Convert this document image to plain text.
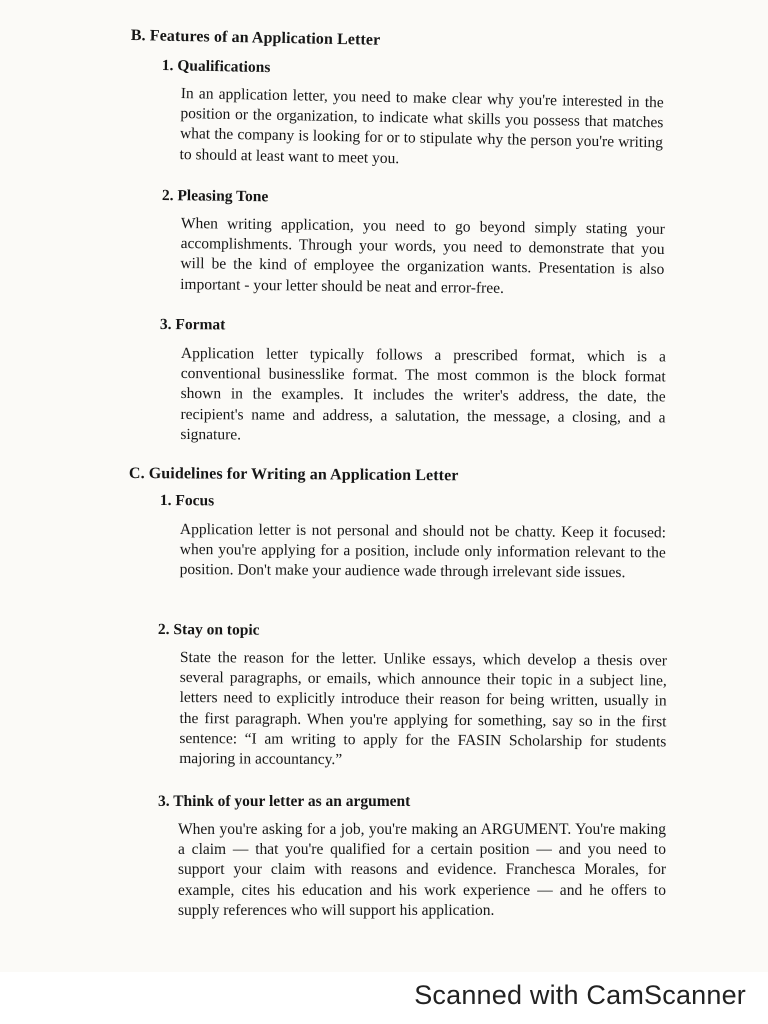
B. Features of an Application Letter
1. Qualifications

In an application letter, you need to make clear why you're interested in the position or the organization, to indicate what skills you possess that matches what the company is looking for or to stipulate why the person you're writing to should at least want to meet you.

2. Pleasing Tone

When writing application, you need to go beyond simply stating your accomplishments. Through your words, you need to demonstrate that you will be the kind of employee the organization wants. Presentation is also important - your letter should be neat and error-free.

3. Format

Application letter typically follows a prescribed format, which is a conventional businesslike format. The most common is the block format shown in the examples. It includes the writer's address, the date, the recipient's name and address, a salutation, the message, a closing, and a signature.

C. Guidelines for Writing an Application Letter
1. Focus

Application letter is not personal and should not be chatty. Keep it focused: when you're applying for a position, include only information relevant to the position. Don't make your audience wade through irrelevant side issues.

2. Stay on topic

State the reason for the letter. Unlike essays, which develop a thesis over several paragraphs, or emails, which announce their topic in a subject line, letters need to explicitly introduce their reason for being written, usually in the first paragraph. When you're applying for something, say so in the first sentence: “I am writing to apply for the FASIN Scholarship for students majoring in accountancy.”

3. Think of your letter as an argument

When you're asking for a job, you're making an ARGUMENT. You're making a claim — that you're qualified for a certain position — and you need to support your claim with reasons and evidence. Franchesca Morales, for example, cites his education and his work experience — and he offers to supply references who will support his application.

Scanned with CamScanner
